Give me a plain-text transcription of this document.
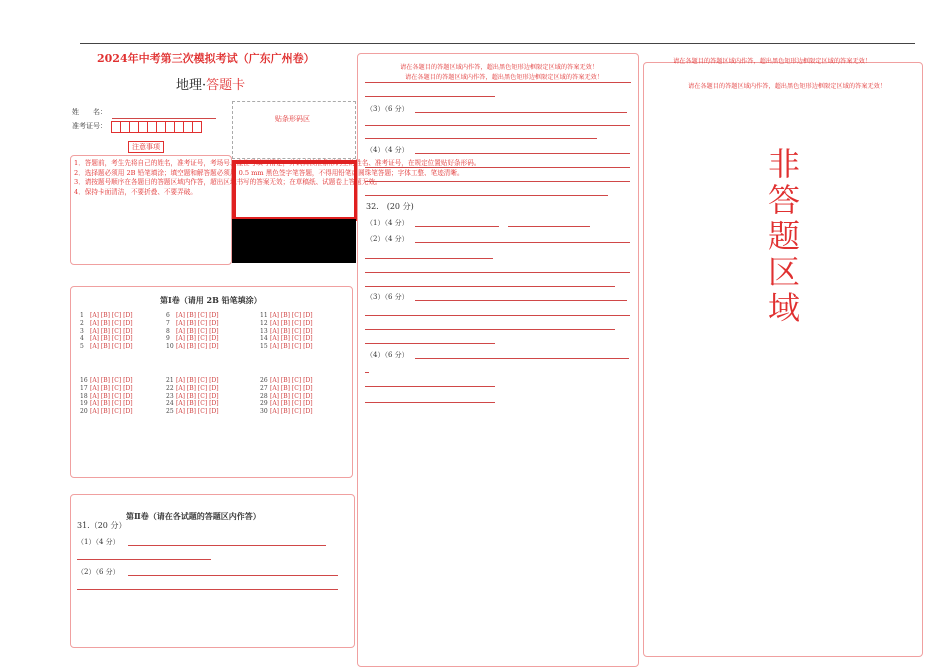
2024年中考第三次模拟考试（广东广州卷）
地理·答题卡
姓　　名：
准考证号：
注意事项
贴条形码区
1．答题前，考生先将自己的姓名，准考证号，考场号、座位号填写清楚，并认真核准条形码上的姓名、准考证号，在规定位置贴好条形码。
2．选择题必须用 2B 铅笔填涂；填空题和解答题必须用 0.5 mm 黑色签字笔答题，不得用铅笔或圆珠笔答题；字体工整、笔迹清晰。
3．请按题号顺序在各题目的答题区域内作答，超出区域书写的答案无效；在草稿纸、试题卷上答题无效。
4．保持卡面清洁，不要折叠、不要弄破。
第Ⅰ卷（请用 2B 铅笔填涂）
1 [A] [B] [C] [D]
2 [A] [B] [C] [D]
3 [A] [B] [C] [D]
4 [A] [B] [C] [D]
5 [A] [B] [C] [D]
6 [A] [B] [C] [D]
7 [A] [B] [C] [D]
8 [A] [B] [C] [D]
9 [A] [B] [C] [D]
10 [A] [B] [C] [D]
11 [A] [B] [C] [D]
12 [A] [B] [C] [D]
13 [A] [B] [C] [D]
14 [A] [B] [C] [D]
15 [A] [B] [C] [D]
16 [A] [B] [C] [D]
17 [A] [B] [C] [D]
18 [A] [B] [C] [D]
19 [A] [B] [C] [D]
20 [A] [B] [C] [D]
21 [A] [B] [C] [D]
22 [A] [B] [C] [D]
23 [A] [B] [C] [D]
24 [A] [B] [C] [D]
25 [A] [B] [C] [D]
26 [A] [B] [C] [D]
27 [A] [B] [C] [D]
28 [A] [B] [C] [D]
29 [A] [B] [C] [D]
30 [A] [B] [C] [D]
第Ⅱ卷（请在各试题的答题区内作答）
31.（20 分）
（1）（4 分）
（2）（6 分）
请在各题目的答题区域内作答，超出黑色矩形边框限定区域的答案无效！
请在各题目的答题区域内作答，超出黑色矩形边框限定区域的答案无效！
（3）（6 分）
（4）（4 分）
32.　(20 分)
（1）（4 分）
（2）（4 分）
（3）（6 分）
（4）（6 分）
请在各题目的答题区域内作答，超出黑色矩形边框限定区域的答案无效！
请在各题目的答题区域内作答，超出黑色矩形边框限定区域的答案无效！
非
答
题
区
域
